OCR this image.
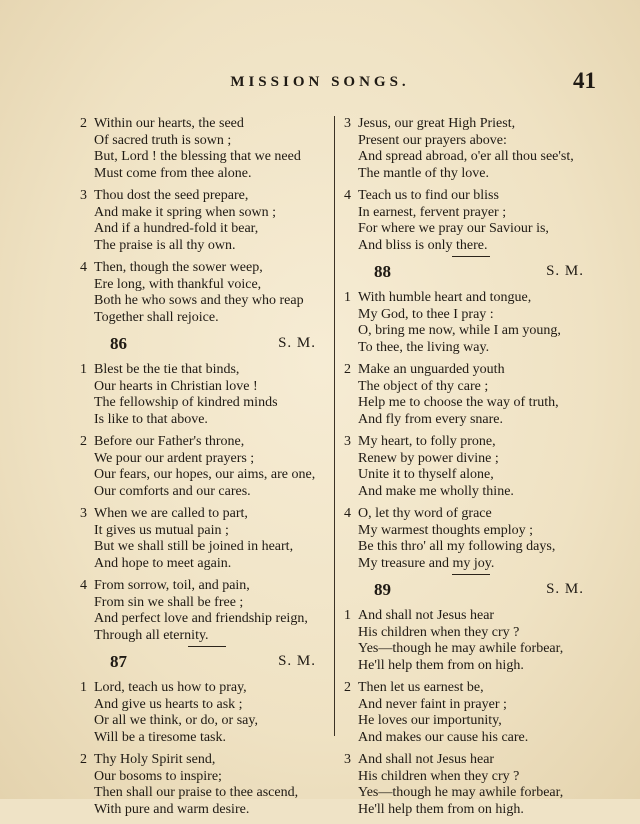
MISSION SONGS.	41
2 Within our hearts, the seed
Of sacred truth is sown ;
But, Lord ! the blessing that we need
Must come from thee alone.
3 Thou dost the seed prepare,
And make it spring when sown ;
And if a hundred-fold it bear,
The praise is all thy own.
4 Then, though the sower weep,
Ere long, with thankful voice,
Both he who sows and they who reap
Together shall rejoice.
86	S. M.
1 Blest be the tie that binds,
Our hearts in Christian love !
The fellowship of kindred minds
Is like to that above.
2 Before our Father's throne,
We pour our ardent prayers ;
Our fears, our hopes, our aims, are one,
Our comforts and our cares.
3 When we are called to part,
It gives us mutual pain ;
But we shall still be joined in heart,
And hope to meet again.
4 From sorrow, toil, and pain,
From sin we shall be free ;
And perfect love and friendship reign,
Through all eternity.
87	S. M.
1 Lord, teach us how to pray,
And give us hearts to ask ;
Or all we think, or do, or say,
Will be a tiresome task.
2 Thy Holy Spirit send,
Our bosoms to inspire;
Then shall our praise to thee ascend,
With pure and warm desire.
3 Jesus, our great High Priest,
Present our prayers above:
And spread abroad, o'er all thou see'st,
The mantle of thy love.
4 Teach us to find our bliss
In earnest, fervent prayer ;
For where we pray our Saviour is,
And bliss is only there.
88	S. M.
1 With humble heart and tongue,
My God, to thee I pray :
O, bring me now, while I am young,
To thee, the living way.
2 Make an unguarded youth
The object of thy care ;
Help me to choose the way of truth,
And fly from every snare.
3 My heart, to folly prone,
Renew by power divine ;
Unite it to thyself alone,
And make me wholly thine.
4 O, let thy word of grace
My warmest thoughts employ ;
Be this thro' all my following days,
My treasure and my joy.
89	S. M.
1 And shall not Jesus hear
His children when they cry ?
Yes—though he may awhile forbear,
He'll help them from on high.
2 Then let us earnest be,
And never faint in prayer ;
He loves our importunity,
And makes our cause his care.
3 And shall not Jesus hear
His children when they cry ?
Yes—though he may awhile forbear,
He'll help them from on high.
